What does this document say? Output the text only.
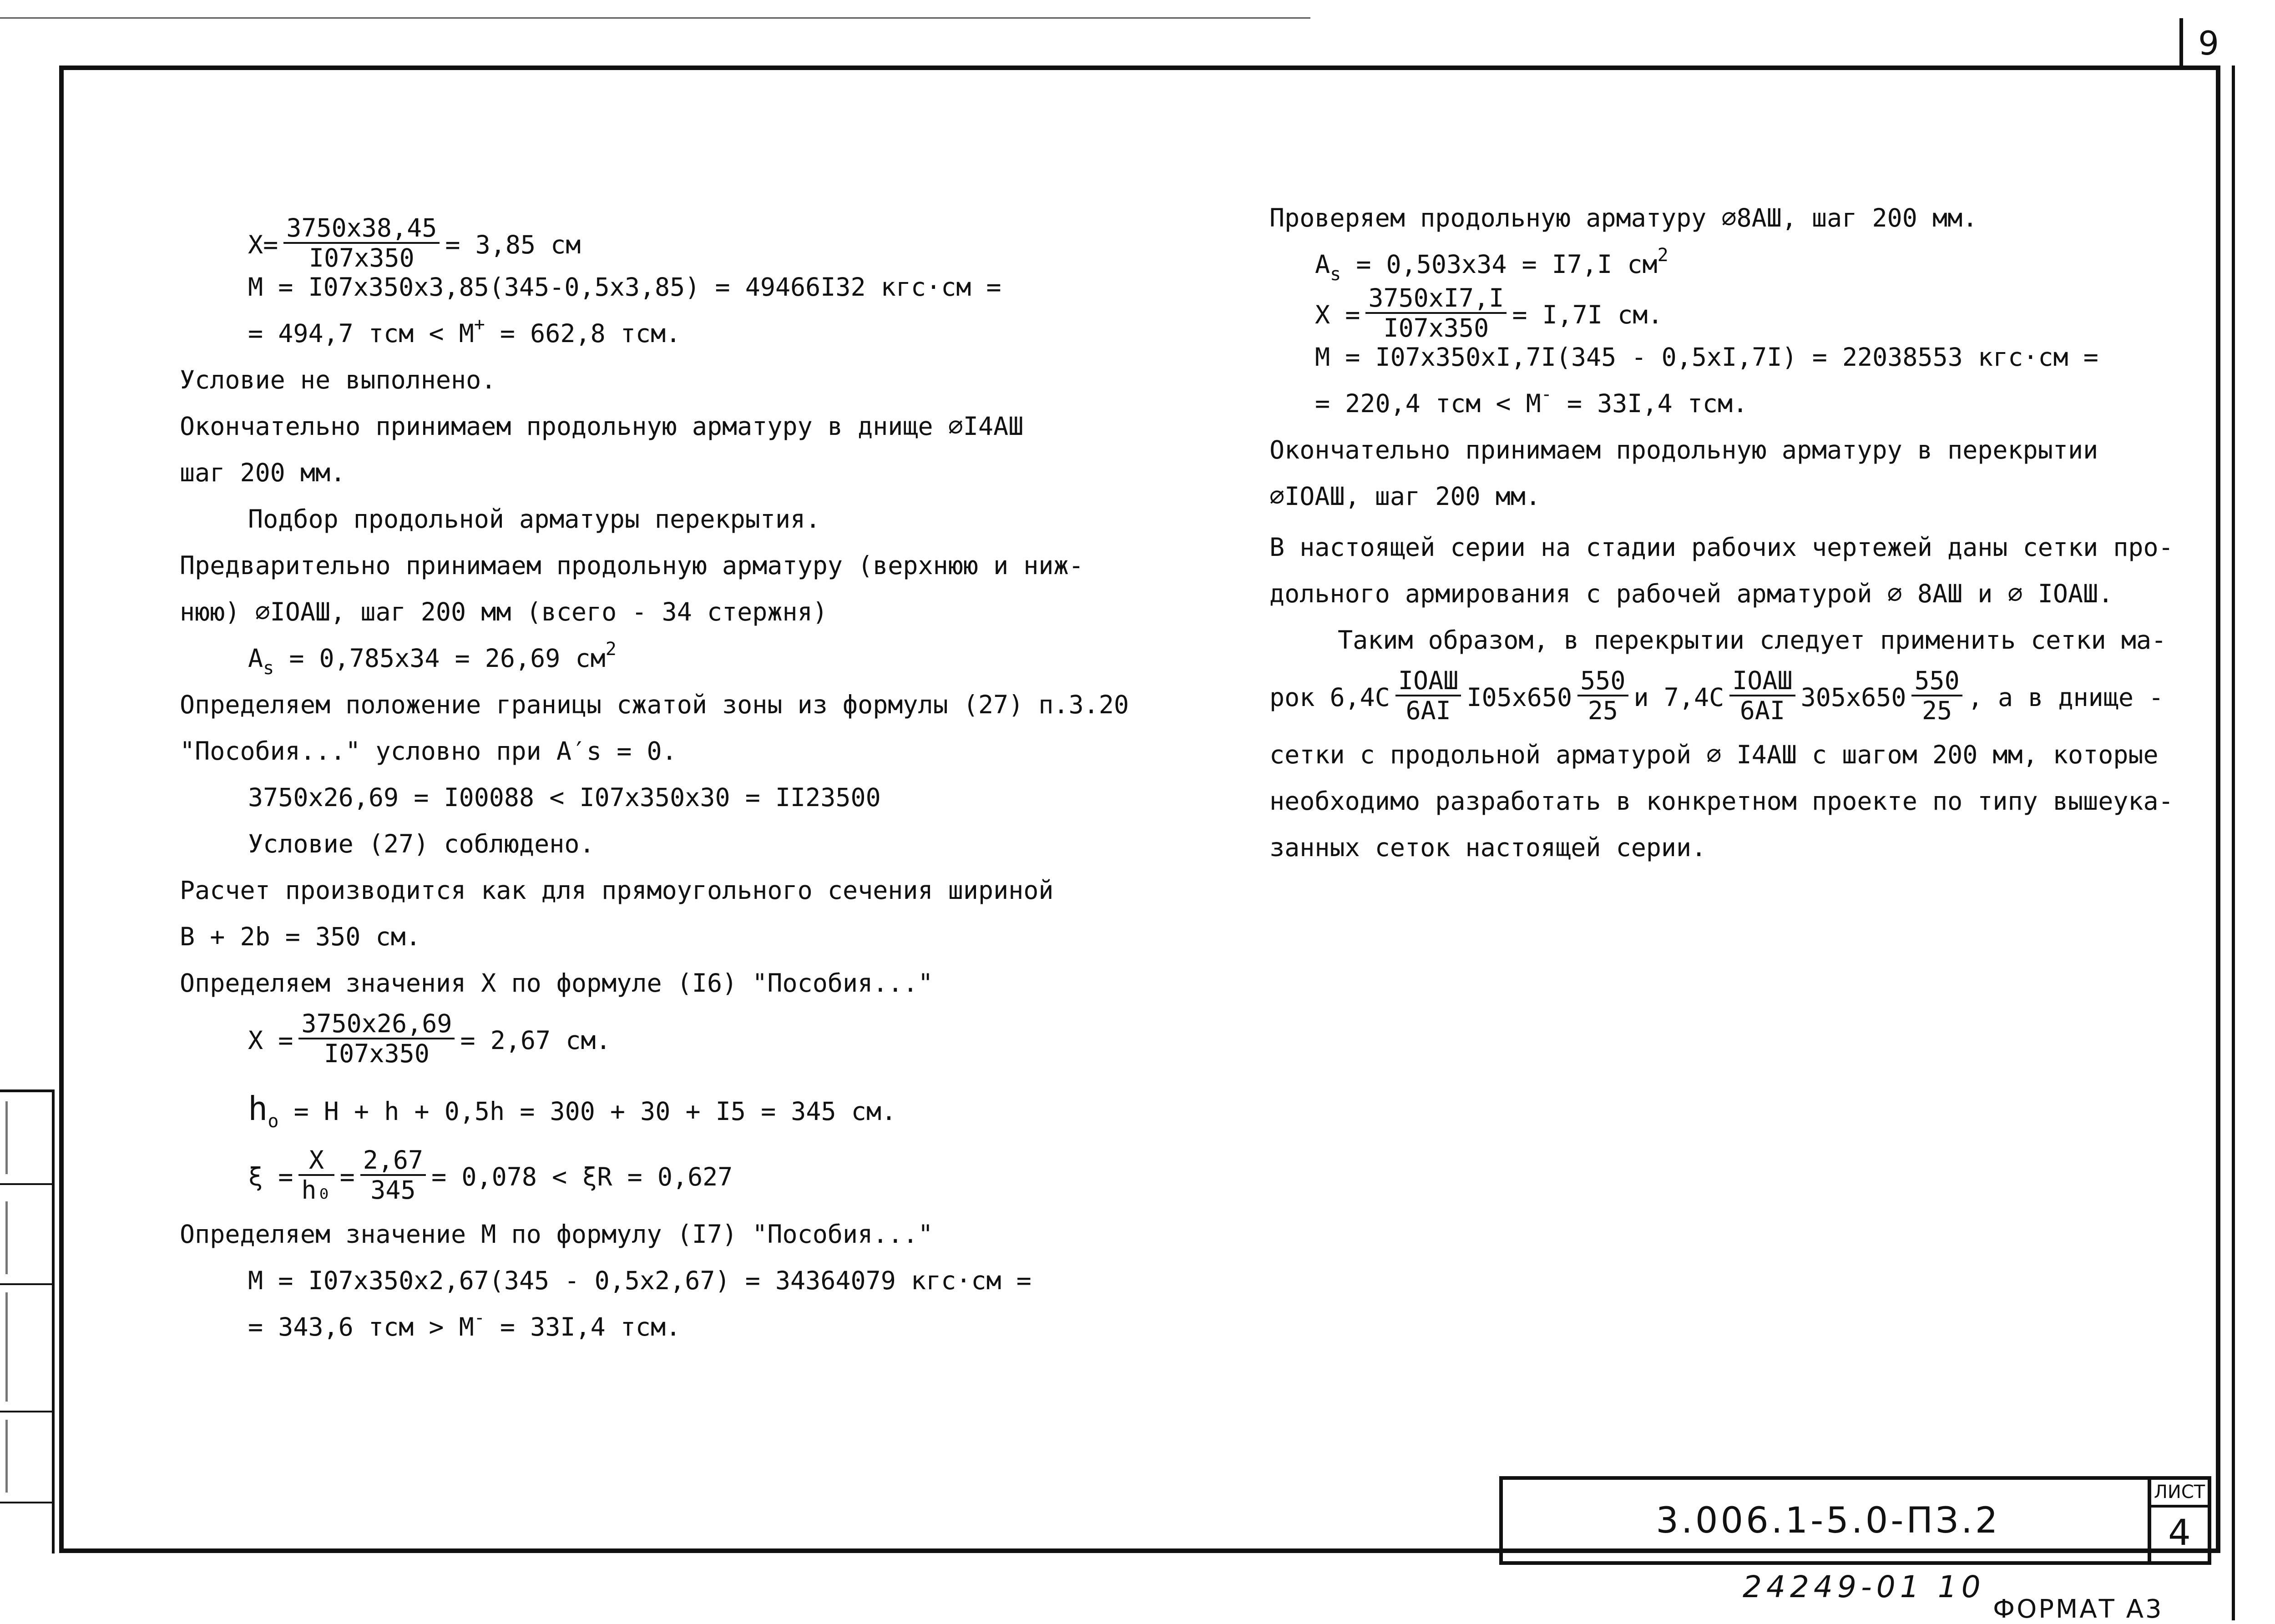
9
$X= \frac{3750x38,45}{I07x350} = 3,85$ см
M = I07x350x3,85(345-0,5x3,85) = 49466I32 кгс·см =
= 494,7 тсм < M+ = 662,8 тсм.
Условие не выполнено.
Окончательно принимаем продольную арматуру в днище ⌀I4АШ
шаг 200 мм.
Подбор продольной арматуры перекрытия.
Предварительно принимаем продольную арматуру (верхнюю и ниж-
нюю) ⌀IOАШ, шаг 200 мм (всего - 34 стержня)
$A_s = 0,785x34 = 26,69$ $см^2$
Определяем положение границы сжатой зоны из формулы (27) п.3.20
"Пособия..." условно при A′s = 0.
3750x26,69 = I00088 < I07x350x30 = II23500
Условие (27) соблюдено.
Расчет производится как для прямоугольного сечения шириной
B + 2b = 350 см.
Определяем значения X по формуле (I6) "Пособия..."
$X = \frac{3750x26,69}{I07x350} = 2,67$ см.
$h_o = H + h + 0,5h = 300 + 30 + I5 = 345$ см.
$\xi = \frac{X}{\text{h₀}} = \frac{2,67}{345} = 0,078 < \xi R = 0,627$
Определяем значение M по формулу (I7) "Пособия..."
M = I07x350x2,67(345 - 0,5x2,67) = 34364079 кгс·см =
= 343,6 тсм > M- = 33I,4 тсм.
Проверяем продольную арматуру ⌀8АШ, шаг 200 мм.
$A_s = 0,503x34 = I7,I$ $см^2$
$X = \frac{3750xI7,I}{I07x350} = I,7I$ см.
M = I07x350xI,7I(345 - 0,5xI,7I) = 22038553 кгс·см =
= 220,4 тсм < M- = 33I,4 тсм.
Окончательно принимаем продольную арматуру в перекрытии
⌀IOАШ, шаг 200 мм.
В настоящей серии на стадии рабочих чертежей даны сетки про-
дольного армирования с рабочей арматурой ⌀ 8АШ и ⌀ IOАШ.
Таким образом, в перекрытии следует применить сетки ма-
рок 6,4С
IOАШ
6АI $I05x650 \frac{550}{25}$ и 7,4С
IOАШ
6АI $305x650 \frac{550}{25}$ , а в днище -
сетки с продольной арматурой ⌀ I4АШ с шагом 200 мм, которые
необходимо разработать в конкретном проекте по типу вышеука-
занных сеток настоящей серии.
3.006.1-5.0-ПЗ.2
ЛИСТ
4
24249-01 10
ФОРМАТ А3
